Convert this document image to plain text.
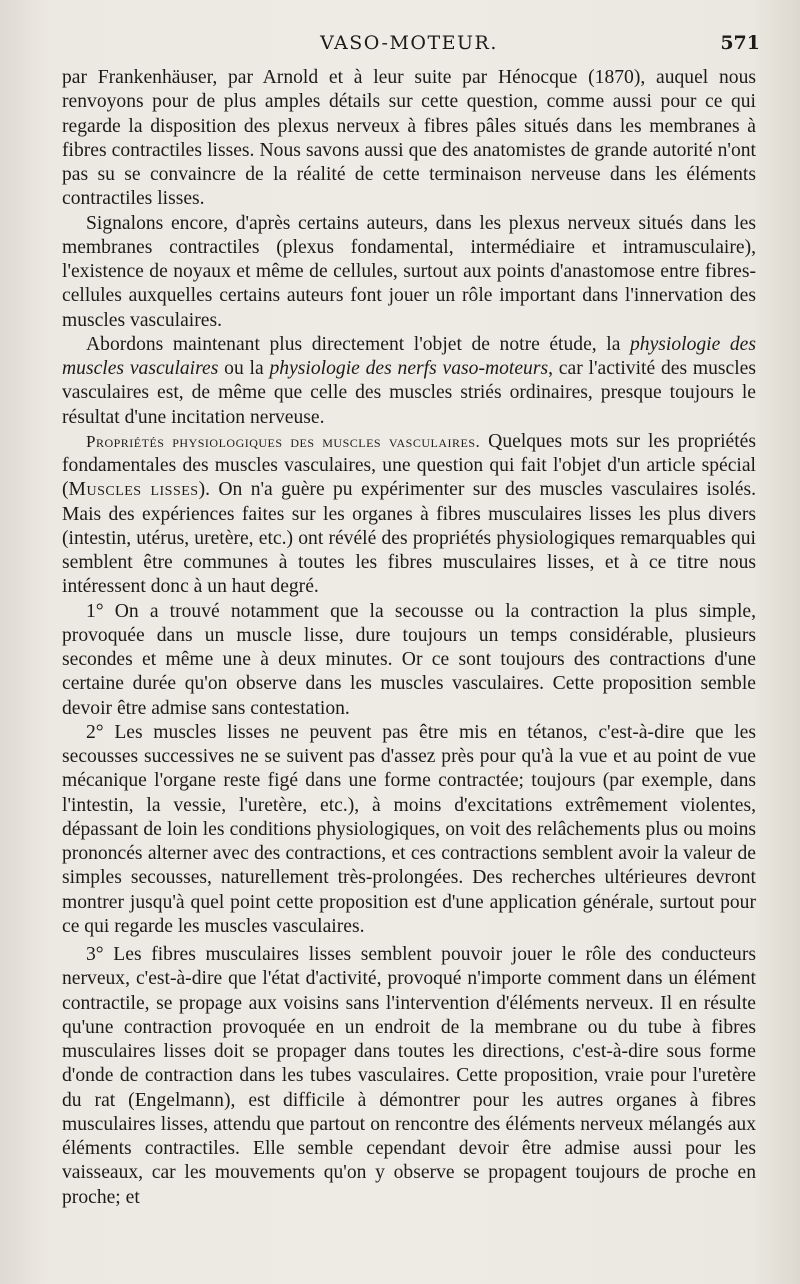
VASO-MOTEUR.	571

par Frankenhäuser, par Arnold et à leur suite par Hénocque (1870), auquel nous renvoyons pour de plus amples détails sur cette question, comme aussi pour ce qui regarde la disposition des plexus nerveux à fibres pâles situés dans les membranes à fibres contractiles lisses. Nous savons aussi que des anatomistes de grande autorité n'ont pas su se convaincre de la réalité de cette terminaison nerveuse dans les éléments contractiles lisses.

Signalons encore, d'après certains auteurs, dans les plexus nerveux situés dans les membranes contractiles (plexus fondamental, intermédiaire et intramusculaire), l'existence de noyaux et même de cellules, surtout aux points d'anastomose entre fibres-cellules auxquelles certains auteurs font jouer un rôle important dans l'innervation des muscles vasculaires.

Abordons maintenant plus directement l'objet de notre étude, la physiologie des muscles vasculaires ou la physiologie des nerfs vaso-moteurs, car l'activité des muscles vasculaires est, de même que celle des muscles striés ordinaires, presque toujours le résultat d'une incitation nerveuse.

Propriétés physiologiques des muscles vasculaires. Quelques mots sur les propriétés fondamentales des muscles vasculaires, une question qui fait l'objet d'un article spécial (Muscles lisses). On n'a guère pu expérimenter sur des muscles vasculaires isolés. Mais des expériences faites sur les organes à fibres musculaires lisses les plus divers (intestin, utérus, uretère, etc.) ont révélé des propriétés physiologiques remarquables qui semblent être communes à toutes les fibres musculaires lisses, et à ce titre nous intéressent donc à un haut degré.

1° On a trouvé notamment que la secousse ou la contraction la plus simple, provoquée dans un muscle lisse, dure toujours un temps considérable, plusieurs secondes et même une à deux minutes. Or ce sont toujours des contractions d'une certaine durée qu'on observe dans les muscles vasculaires. Cette proposition semble devoir être admise sans contestation.

2° Les muscles lisses ne peuvent pas être mis en tétanos, c'est-à-dire que les secousses successives ne se suivent pas d'assez près pour qu'à la vue et au point de vue mécanique l'organe reste figé dans une forme contractée; toujours (par exemple, dans l'intestin, la vessie, l'uretère, etc.), à moins d'excitations extrêmement violentes, dépassant de loin les conditions physiologiques, on voit des relâchements plus ou moins prononcés alterner avec des contractions, et ces contractions semblent avoir la valeur de simples secousses, naturellement très-prolongées. Des recherches ultérieures devront montrer jusqu'à quel point cette proposition est d'une application générale, surtout pour ce qui regarde les muscles vasculaires.

3° Les fibres musculaires lisses semblent pouvoir jouer le rôle des conducteurs nerveux, c'est-à-dire que l'état d'activité, provoqué n'importe comment dans un élément contractile, se propage aux voisins sans l'intervention d'éléments nerveux. Il en résulte qu'une contraction provoquée en un endroit de la membrane ou du tube à fibres musculaires lisses doit se propager dans toutes les directions, c'est-à-dire sous forme d'onde de contraction dans les tubes vasculaires. Cette proposition, vraie pour l'uretère du rat (Engelmann), est difficile à démontrer pour les autres organes à fibres musculaires lisses, attendu que partout on rencontre des éléments nerveux mélangés aux éléments contractiles. Elle semble cependant devoir être admise aussi pour les vaisseaux, car les mouvements qu'on y observe se propagent toujours de proche en proche; et
